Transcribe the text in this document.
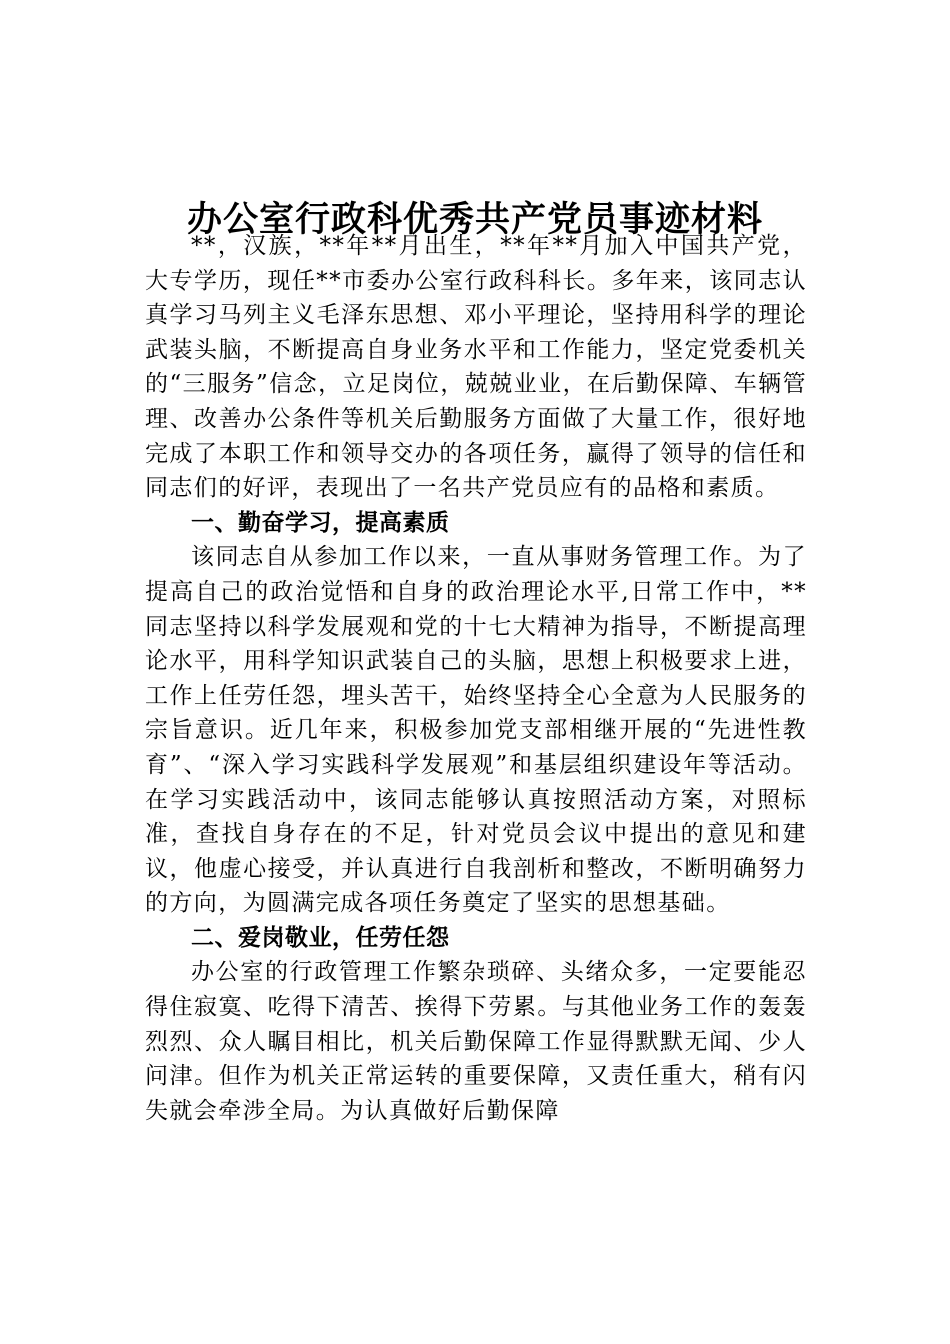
办公室行政科优秀共产党员事迹材料

**，汉族，**年**月出生，**年**月加入中国共产党，大专学历，现任**市委办公室行政科科长。多年来，该同志认真学习马列主义毛泽东思想、邓小平理论，坚持用科学的理论武装头脑，不断提高自身业务水平和工作能力，坚定党委机关的“三服务”信念，立足岗位，兢兢业业，在后勤保障、车辆管理、改善办公条件等机关后勤服务方面做了大量工作，很好地完成了本职工作和领导交办的各项任务，赢得了领导的信任和同志们的好评，表现出了一名共产党员应有的品格和素质。

一、勤奋学习，提高素质

该同志自从参加工作以来，一直从事财务管理工作。为了提高自己的政治觉悟和自身的政治理论水平,日常工作中，**同志坚持以科学发展观和党的十七大精神为指导，不断提高理论水平，用科学知识武装自己的头脑，思想上积极要求上进，工作上任劳任怨，埋头苦干，始终坚持全心全意为人民服务的宗旨意识。近几年来，积极参加党支部相继开展的“先进性教育”、“深入学习实践科学发展观”和基层组织建设年等活动。在学习实践活动中，该同志能够认真按照活动方案，对照标准，查找自身存在的不足，针对党员会议中提出的意见和建议，他虚心接受，并认真进行自我剖析和整改，不断明确努力的方向，为圆满完成各项任务奠定了坚实的思想基础。

二、爱岗敬业，任劳任怨

办公室的行政管理工作繁杂琐碎、头绪众多，一定要能忍得住寂寞、吃得下清苦、挨得下劳累。与其他业务工作的轰轰烈烈、众人瞩目相比，机关后勤保障工作显得默默无闻、少人问津。但作为机关正常运转的重要保障，又责任重大，稍有闪失就会牵涉全局。为认真做好后勤保障
